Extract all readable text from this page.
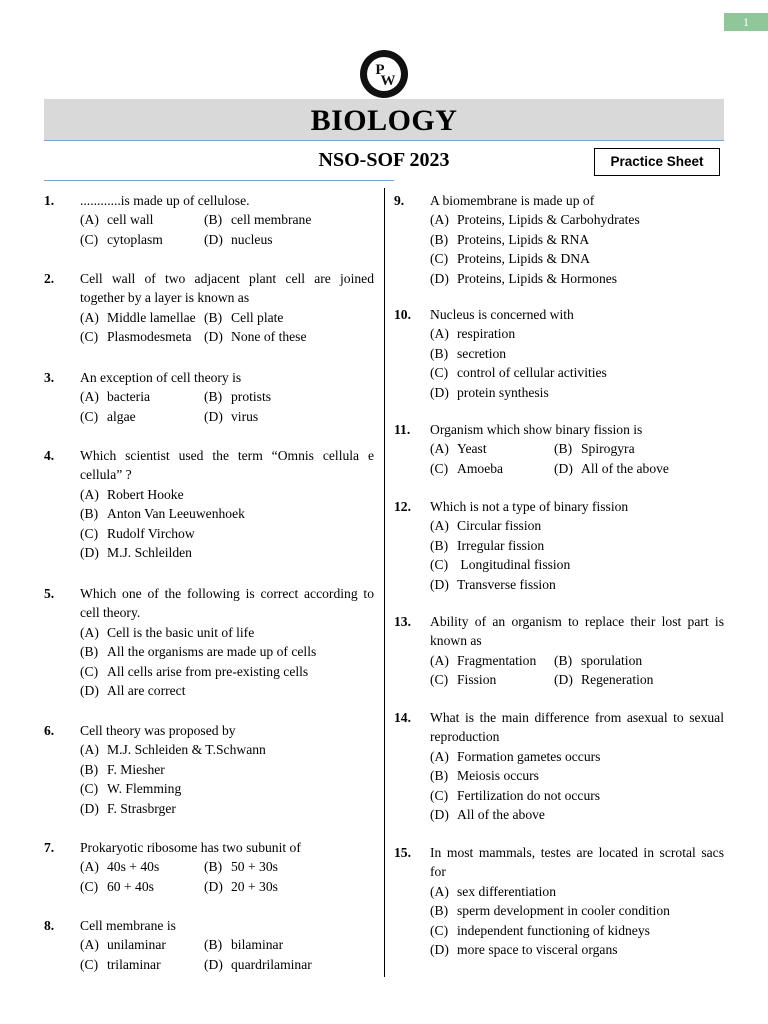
1
P
W
BIOLOGY
NSO-SOF 2023	Practice Sheet
1. ............is made up of cellulose.
(A) cell wall	(B) cell membrane
(C) cytoplasm	(D) nucleus
2. Cell wall of two adjacent plant cell are joined together by a layer is known as
(A) Middle lamellae (B) Cell plate
(C) Plasmodesmeta (D) None of these
3. An exception of cell theory is
(A) bacteria	(B) protists
(C) algae	(D) virus
4. Which scientist used the term “Omnis cellula e cellula” ?
(A) Robert Hooke
(B) Anton Van Leeuwenhoek
(C) Rudolf Virchow
(D) M.J. Schleilden
5. Which one of the following is correct according to cell theory.
(A) Cell is the basic unit of life
(B) All the organisms are made up of cells
(C) All cells arise from pre-existing cells
(D) All are correct
6. Cell theory was proposed by
(A) M.J. Schleiden & T.Schwann
(B) F. Miesher
(C) W. Flemming
(D) F. Strasbrger
7. Prokaryotic ribosome has two subunit of
(A) 40s + 40s	(B) 50 + 30s
(C) 60 + 40s	(D) 20 + 30s
8. Cell membrane is
(A) unilaminar	(B) bilaminar
(C) trilaminar	(D) quardrilaminar
9. A biomembrane is made up of
(A) Proteins, Lipids & Carbohydrates
(B) Proteins, Lipids & RNA
(C) Proteins, Lipids & DNA
(D) Proteins, Lipids & Hormones
10. Nucleus is concerned with
(A) respiration
(B) secretion
(C) control of cellular activities
(D) protein synthesis
11. Organism which show binary fission is
(A) Yeast	(B) Spirogyra
(C) Amoeba	(D) All of the above
12. Which is not a type of binary fission
(A) Circular fission
(B) Irregular fission
(C) Longitudinal fission
(D) Transverse fission
13. Ability of an organism to replace their lost part is known as
(A) Fragmentation (B) sporulation
(C) Fission	(D) Regeneration
14. What is the main difference from asexual to sexual reproduction
(A) Formation gametes occurs
(B) Meiosis occurs
(C) Fertilization do not occurs
(D) All of the above
15. In most mammals, testes are located in scrotal sacs for
(A) sex differentiation
(B) sperm development in cooler condition
(C) independent functioning of kidneys
(D) more space to visceral organs
